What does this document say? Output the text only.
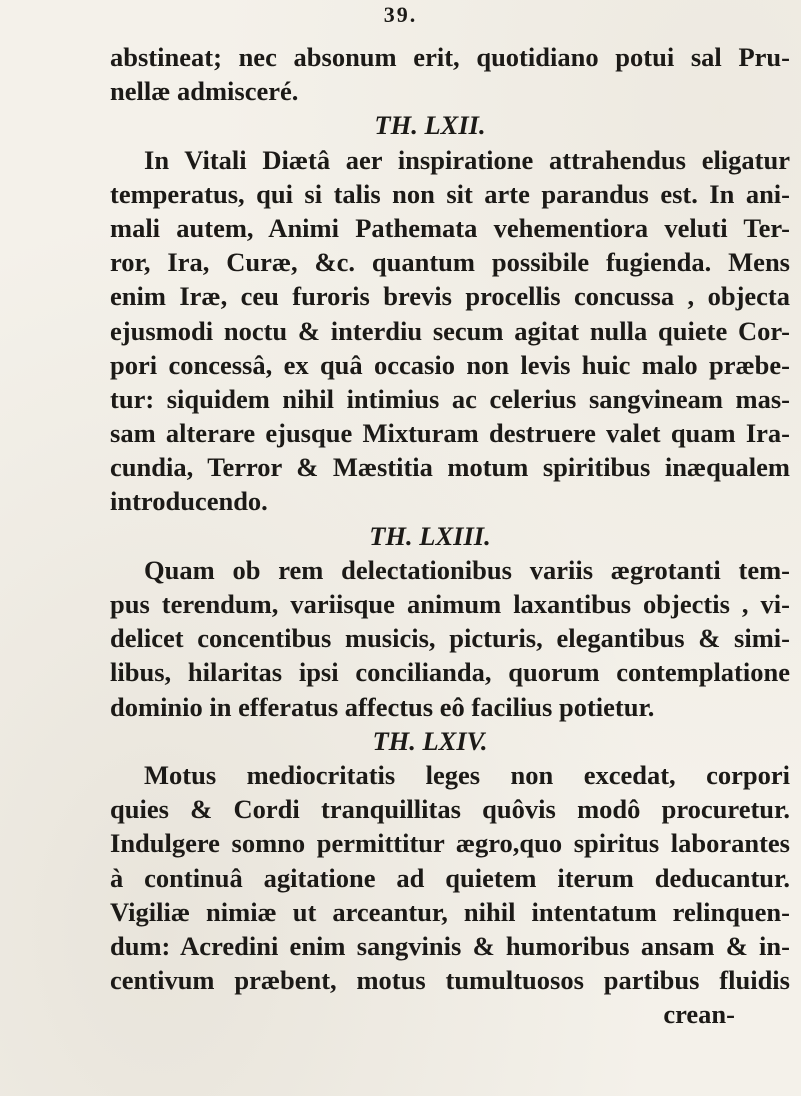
39.
abstineat; nec absonum erit, quotidiano potui sal Pru-
nellæ admisceré.
TH. LXII.
In Vitali Diætâ aer inspiratione attrahendus eligatur
temperatus, qui si talis non sit arte parandus est. In ani-
mali autem, Animi Pathemata vehementiora veluti Ter-
ror, Ira, Curæ, &c. quantum possibile fugienda. Mens
enim Iræ, ceu furoris brevis procellis concussa , objecta
ejusmodi noctu & interdiu secum agitat nulla quiete Cor-
pori concessâ, ex quâ occasio non levis huic malo præbe-
tur: siquidem nihil intimius ac celerius sangvineam mas-
sam alterare ejusque Mixturam destruere valet quam Ira-
cundia, Terror & Mæstitia motum spiritibus inæqualem
introducendo.
TH. LXIII.
Quam ob rem delectationibus variis ægrotanti tem-
pus terendum, variisque animum laxantibus objectis , vi-
delicet concentibus musicis, picturis, elegantibus & simi-
libus, hilaritas ipsi concilianda, quorum contemplatione
dominio in efferatus affectus eô facilius potietur.
TH. LXIV.
Motus mediocritatis leges non excedat, corpori
quies & Cordi tranquillitas quôvis modô procuretur.
Indulgere somno permittitur ægro,quo spiritus laborantes
à continuâ agitatione ad quietem iterum deducantur.
Vigiliæ nimiæ ut arceantur, nihil intentatum relinquen-
dum: Acredini enim sangvinis & humoribus ansam & in-
centivum præbent, motus tumultuosos partibus fluidis
crean-
